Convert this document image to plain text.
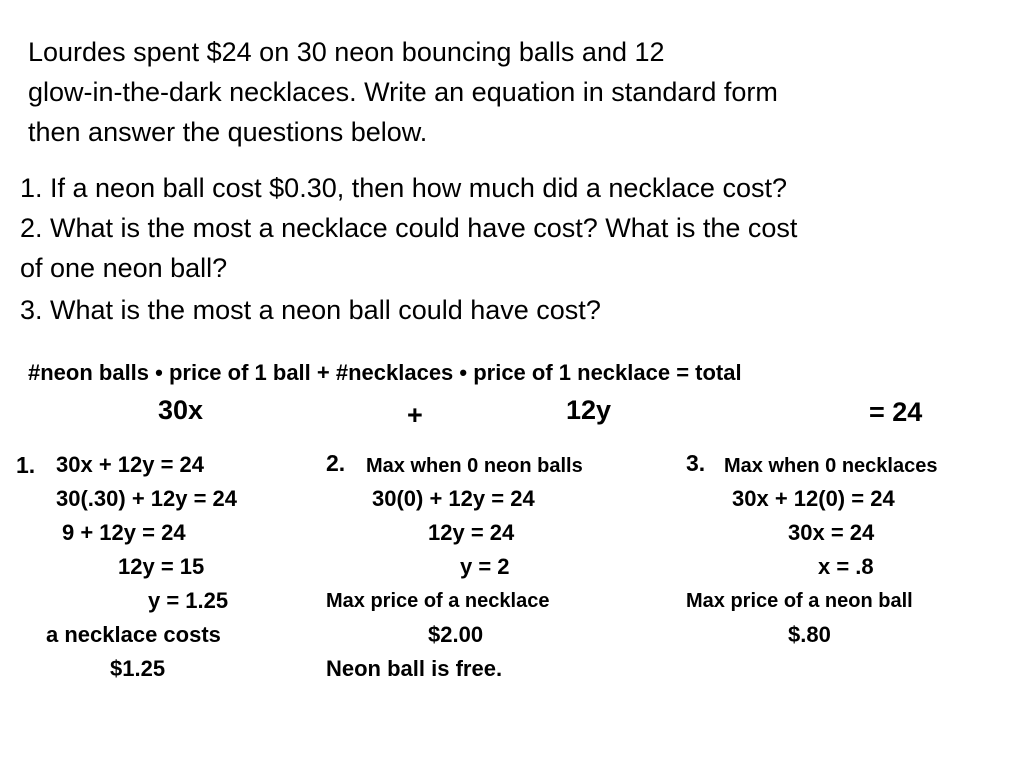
Lourdes spent $24 on 30 neon bouncing balls and 12
glow-in-the-dark necklaces. Write an equation in standard form
then answer the questions below.
1. If a neon ball cost $0.30, then how much did a necklace cost?
2. What is the most a necklace could have cost? What is the cost
of one neon ball?
3. What is the most a neon ball could have cost?
#neon balls • price of 1 ball + #necklaces • price of 1 necklace = total
30x	+	12y	= 24
1. 30x + 12y = 24
30(.30) + 12y = 24
9 + 12y = 24
12y = 15
y = 1.25
a necklace costs
$1.25
2. Max when 0 neon balls
30(0) + 12y = 24
12y = 24
y = 2
Max price of a necklace
$2.00
Neon ball is free.
3. Max when 0 necklaces
30x + 12(0) = 24
30x = 24
x = .8
Max price of a neon ball
$.80
